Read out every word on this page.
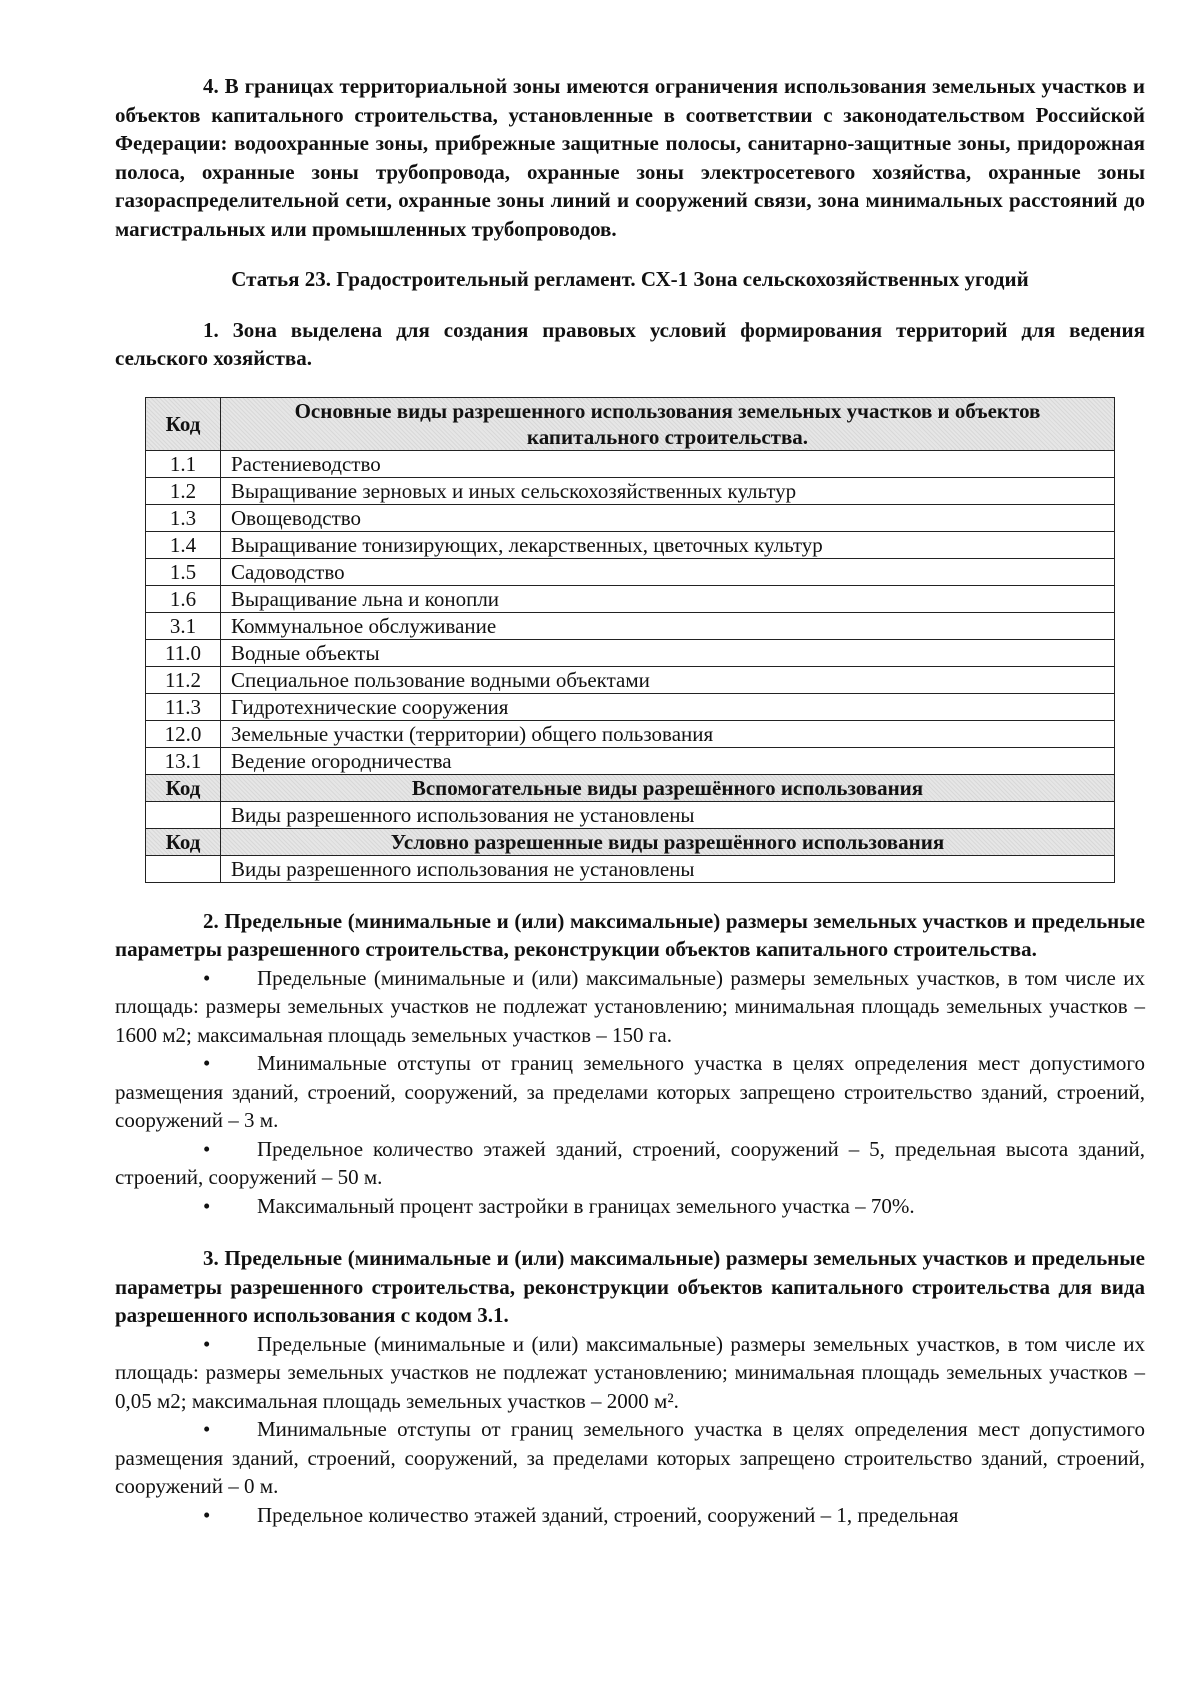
4. В границах территориальной зоны имеются ограничения использования земельных участков и объектов капитального строительства, установленные в соответствии с законодательством Российской Федерации: водоохранные зоны, прибрежные защитные полосы, санитарно-защитные зоны, придорожная полоса, охранные зоны трубопровода, охранные зоны электросетевого хозяйства, охранные зоны газораспределительной сети, охранные зоны линий и сооружений связи, зона минимальных расстояний до магистральных или промышленных трубопроводов.

Статья 23. Градостроительный регламент. СХ-1 Зона сельскохозяйственных угодий

1. Зона выделена для создания правовых условий формирования территорий для ведения сельского хозяйства.

Код	Основные виды разрешенного использования земельных участков и объектов капитального строительства.
1.1	Растениеводство
1.2	Выращивание зерновых и иных сельскохозяйственных культур
1.3	Овощеводство
1.4	Выращивание тонизирующих, лекарственных, цветочных культур
1.5	Садоводство
1.6	Выращивание льна и конопли
3.1	Коммунальное обслуживание
11.0	Водные объекты
11.2	Специальное пользование водными объектами
11.3	Гидротехнические сооружения
12.0	Земельные участки (территории) общего пользования
13.1	Ведение огородничества
Код	Вспомогательные виды разрешённого использования
	Виды разрешенного использования не установлены
Код	Условно разрешенные виды разрешённого использования
	Виды разрешенного использования не установлены

2. Предельные (минимальные и (или) максимальные) размеры земельных участков и предельные параметры разрешенного строительства, реконструкции объектов капитального строительства.

• Предельные (минимальные и (или) максимальные) размеры земельных участков, в том числе их площадь: размеры земельных участков не подлежат установлению; минимальная площадь земельных участков – 1600 м2; максимальная площадь земельных участков – 150 га.

• Минимальные отступы от границ земельного участка в целях определения мест допустимого размещения зданий, строений, сооружений, за пределами которых запрещено строительство зданий, строений, сооружений – 3 м.

• Предельное количество этажей зданий, строений, сооружений – 5, предельная высота зданий, строений, сооружений – 50 м.

• Максимальный процент застройки в границах земельного участка – 70%.

3. Предельные (минимальные и (или) максимальные) размеры земельных участков и предельные параметры разрешенного строительства, реконструкции объектов капитального строительства для вида разрешенного использования с кодом 3.1.

• Предельные (минимальные и (или) максимальные) размеры земельных участков, в том числе их площадь: размеры земельных участков не подлежат установлению; минимальная площадь земельных участков – 0,05 м2; максимальная площадь земельных участков – 2000 м².

• Минимальные отступы от границ земельного участка в целях определения мест допустимого размещения зданий, строений, сооружений, за пределами которых запрещено строительство зданий, строений, сооружений – 0 м.

• Предельное количество этажей зданий, строений, сооружений – 1, предельная
